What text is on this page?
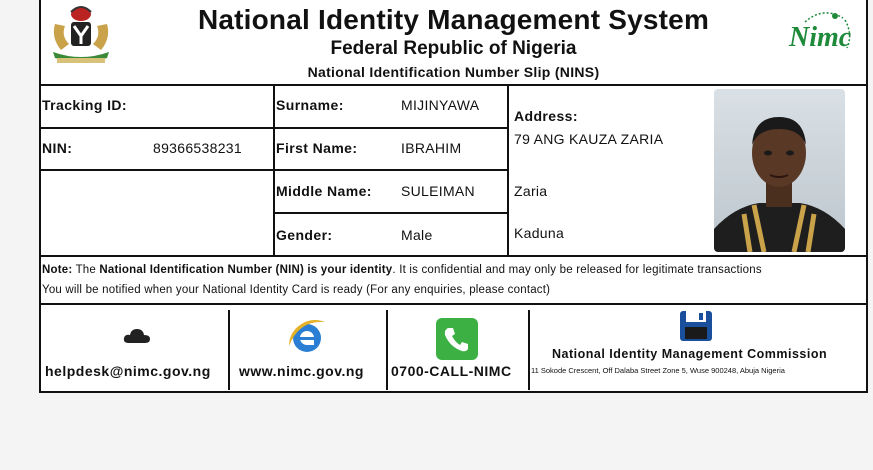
National Identity Management System
Federal Republic of Nigeria
National Identification Number Slip (NINS)
Nimc
Tracking ID:
NIN:	89366538231
Surname:	MIJINYAWA
First Name:	IBRAHIM
Middle Name: SULEIMAN
Gender:	Male
Address:
79 ANG KAUZA ZARIA
Zaria
Kaduna
Note: The National Identification Number (NIN) is your identity. It is confidential and may only be released for legitimate transactions
You will be notified when your National Identity Card is ready (For any enquiries, please contact)
helpdesk@nimc.gov.ng www.nimc.gov.ng 0700-CALL-NIMC
National Identity Management Commission
11 Sokode Crescent, Off Dalaba Street Zone 5, Wuse 900248, Abuja Nigeria
